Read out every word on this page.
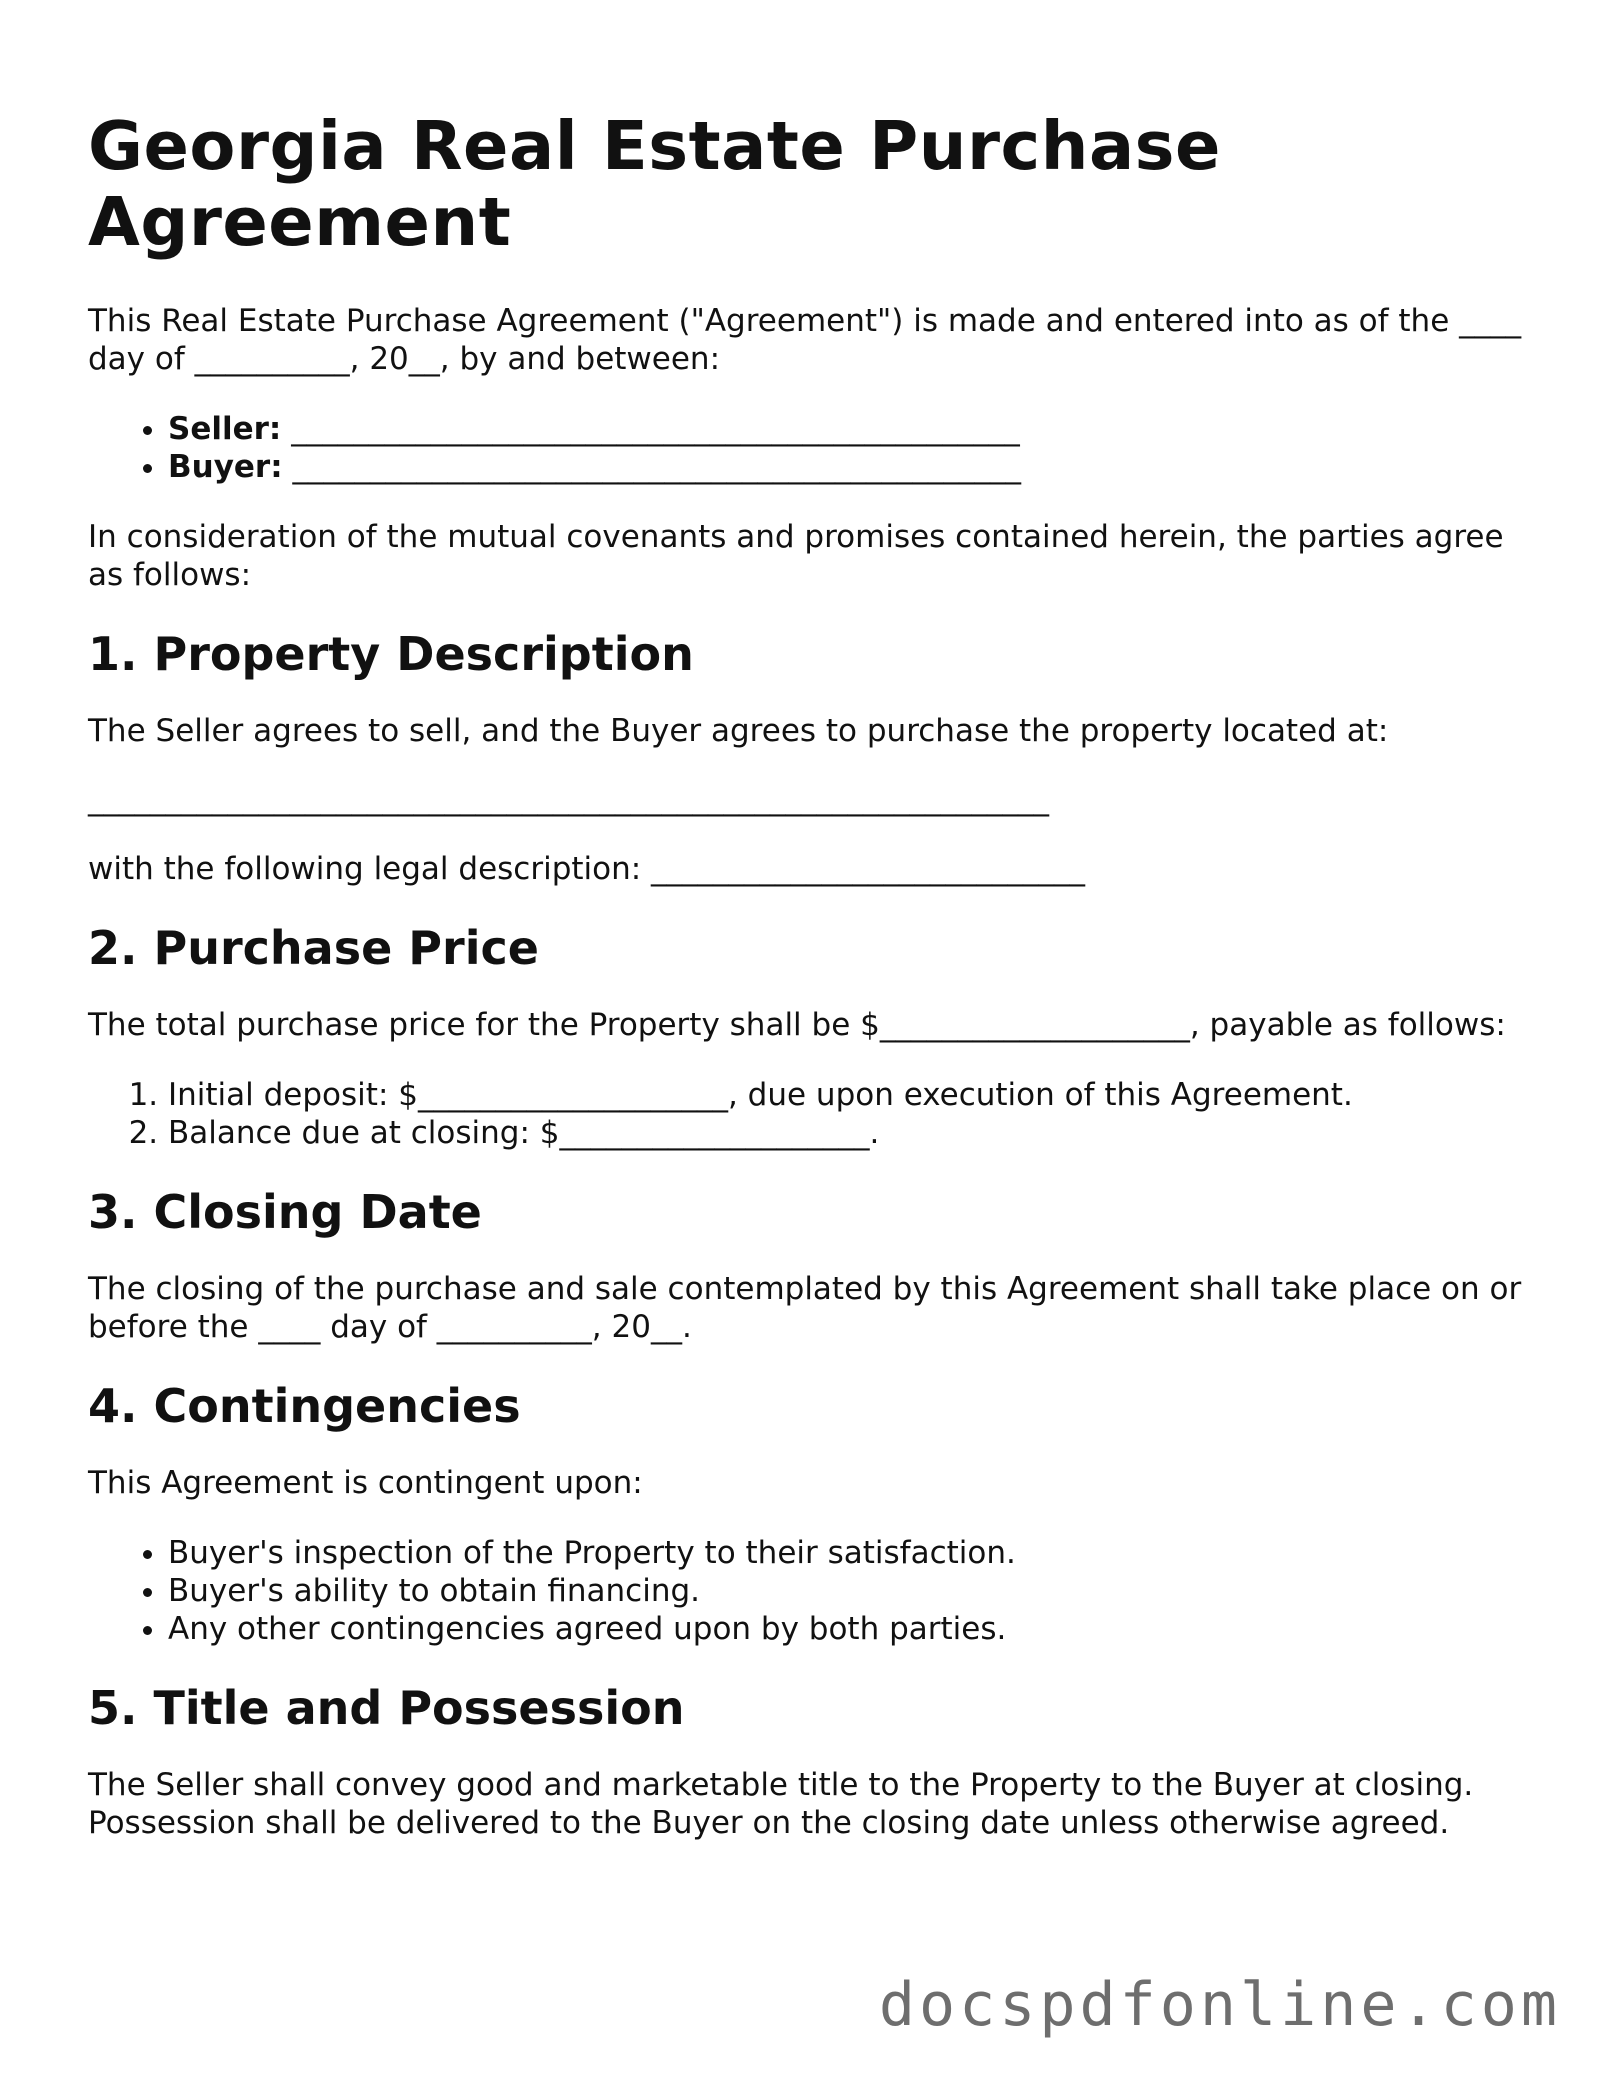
Georgia Real Estate Purchase Agreement

This Real Estate Purchase Agreement ("Agreement") is made and entered into as of the ____ day of __________, 20__, by and between:

• Seller: _______________________________________________
• Buyer: _______________________________________________

In consideration of the mutual covenants and promises contained herein, the parties agree as follows:

1. Property Description

The Seller agrees to sell, and the Buyer agrees to purchase the property located at:

______________________________________________________________

with the following legal description: ____________________________

2. Purchase Price

The total purchase price for the Property shall be $____________________, payable as follows:

1. Initial deposit: $____________________, due upon execution of this Agreement.
2. Balance due at closing: $____________________.
3. Closing Date

The closing of the purchase and sale contemplated by this Agreement shall take place on or before the ____ day of __________, 20__.

4. Contingencies

This Agreement is contingent upon:

• Buyer's inspection of the Property to their satisfaction.
• Buyer's ability to obtain financing.
• Any other contingencies agreed upon by both parties.
5. Title and Possession

The Seller shall convey good and marketable title to the Property to the Buyer at closing. Possession shall be delivered to the Buyer on the closing date unless otherwise agreed.

docspdfonline.com
